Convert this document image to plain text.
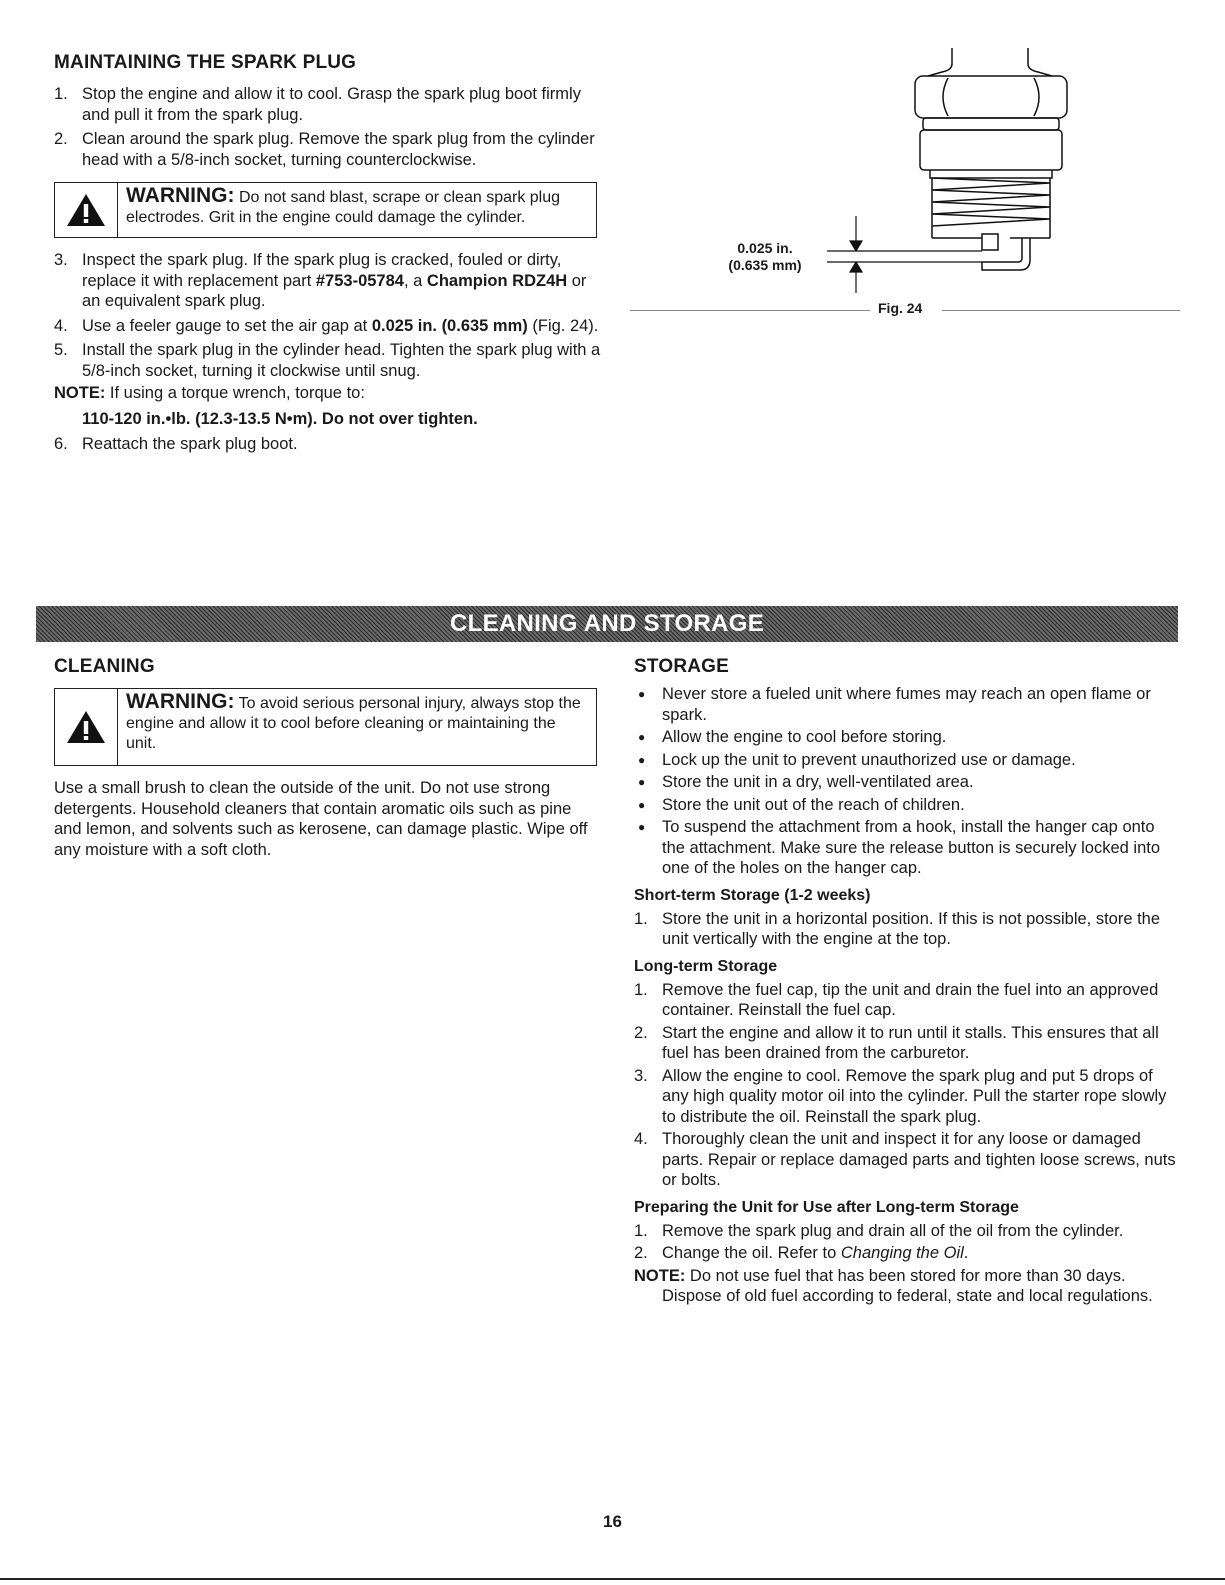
MAINTAINING THE SPARK PLUG
1. Stop the engine and allow it to cool. Grasp the spark plug boot firmly and pull it from the spark plug.
2. Clean around the spark plug. Remove the spark plug from the cylinder head with a 5/8-inch socket, turning counterclockwise.
WARNING: Do not sand blast, scrape or clean spark plug electrodes. Grit in the engine could damage the cylinder.
3. Inspect the spark plug. If the spark plug is cracked, fouled or dirty, replace it with replacement part #753-05784, a Champion RDZ4H or an equivalent spark plug.
4. Use a feeler gauge to set the air gap at 0.025 in. (0.635 mm) (Fig. 24).
5. Install the spark plug in the cylinder head. Tighten the spark plug with a 5/8-inch socket, turning it clockwise until snug.
NOTE: If using a torque wrench, torque to:
110-120 in.•lb. (12.3-13.5 N•m). Do not over tighten.
6. Reattach the spark plug boot.
0.025 in.
(0.635 mm)
Fig. 24
CLEANING AND STORAGE
CLEANING
WARNING: To avoid serious personal injury, always stop the engine and allow it to cool before cleaning or maintaining the unit.

Use a small brush to clean the outside of the unit. Do not use strong detergents. Household cleaners that contain aromatic oils such as pine and lemon, and solvents such as kerosene, can damage plastic. Wipe off any moisture with a soft cloth.

STORAGE
● Never store a fueled unit where fumes may reach an open flame or spark.
● Allow the engine to cool before storing.
● Lock up the unit to prevent unauthorized use or damage.
● Store the unit in a dry, well-ventilated area.
● Store the unit out of the reach of children.
● To suspend the attachment from a hook, install the hanger cap onto the attachment. Make sure the release button is securely locked into one of the holes on the hanger cap.
Short-term Storage (1-2 weeks)
1. Store the unit in a horizontal position. If this is not possible, store the unit vertically with the engine at the top.
Long-term Storage
1. Remove the fuel cap, tip the unit and drain the fuel into an approved container. Reinstall the fuel cap.
2. Start the engine and allow it to run until it stalls. This ensures that all fuel has been drained from the carburetor.
3. Allow the engine to cool. Remove the spark plug and put 5 drops of any high quality motor oil into the cylinder. Pull the starter rope slowly to distribute the oil. Reinstall the spark plug.
4. Thoroughly clean the unit and inspect it for any loose or damaged parts. Repair or replace damaged parts and tighten loose screws, nuts or bolts.
Preparing the Unit for Use after Long-term Storage
1. Remove the spark plug and drain all of the oil from the cylinder.
2. Change the oil. Refer to Changing the Oil.
NOTE: Do not use fuel that has been stored for more than 30 days. Dispose of old fuel according to federal, state and local regulations.
16
